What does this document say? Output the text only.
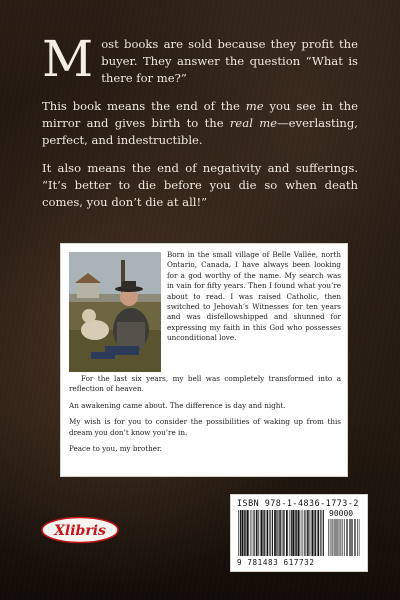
Most books are sold because they profit the buyer. They answer the question “What is there for me?”

This book means the end of the me you see in the mirror and gives birth to the real me—everlasting, perfect, and indestructible.

It also means the end of negativity and sufferings. “It’s better to die before you die so when death comes, you don’t die at all!”

Born in the small village of Belle Vallée, north Ontario, Canada, I have always been looking for a god worthy of the name. My search was in vain for fifty years. Then I found what you’re about to read. I was raised Catholic, then switched to Jehovah’s Witnesses for ten years and was disfellowshipped and shunned for expressing my faith in this God who possesses unconditional love.

For the last six years, my bell was completely transformed into a reflection of heaven.

An awakening came about. The difference is day and night.

My wish is for you to consider the possibilities of waking up from this dream you don’t know you’re in.

Peace to you, my brother.

Xlibris
ISBN 978-1-4836-1773-2
90000
9 781483 617732
